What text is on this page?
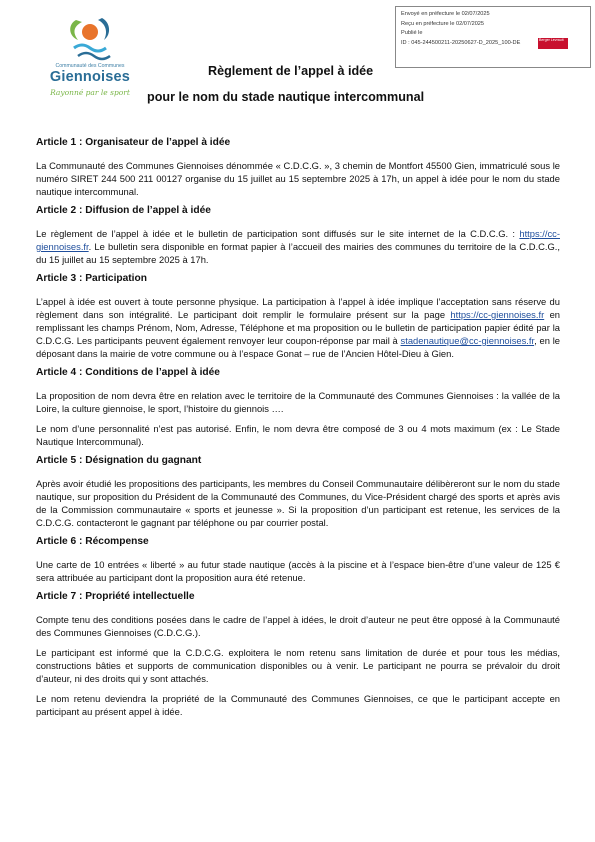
Envoyé en préfecture le 02/07/2025
Reçu en préfecture le 02/07/2025
Publié le
ID : 045-244500211-20250627-D_2025_100-DE	Berger Levrault
Communauté des Communes
Giennoises
Rayonné par le sport
Règlement de l’appel à idée
pour le nom du stade nautique intercommunal
Article 1 : Organisateur de l’appel à idée

La Communauté des Communes Giennoises dénommée « C.D.C.G. », 3 chemin de Montfort 45500 Gien, immatriculé sous le numéro SIRET 244 500 211 00127 organise du 15 juillet au 15 septembre 2025 à 17h, un appel à idée pour le nom du stade nautique intercommunal.

Article 2 : Diffusion de l’appel à idée

Le règlement de l’appel à idée et le bulletin de participation sont diffusés sur le site internet de la C.D.C.G. : https://cc-giennoises.fr. Le bulletin sera disponible en format papier à l’accueil des mairies des communes du territoire de la C.D.C.G., du 15 juillet au 15 septembre 2025 à 17h.

Article 3 : Participation

L’appel à idée est ouvert à toute personne physique. La participation à l’appel à idée implique l’acceptation sans réserve du règlement dans son intégralité. Le participant doit remplir le formulaire présent sur la page https://cc-giennoises.fr en remplissant les champs Prénom, Nom, Adresse, Téléphone et ma proposition ou le bulletin de participation papier édité par la C.D.C.G. Les participants peuvent également renvoyer leur coupon-réponse par mail à stadenautique@cc-giennoises.fr, en le déposant dans la mairie de votre commune ou à l’espace Gonat – rue de l’Ancien Hôtel-Dieu à Gien.

Article 4 : Conditions de l’appel à idée

La proposition de nom devra être en relation avec le territoire de la Communauté des Communes Giennoises : la vallée de la Loire, la culture giennoise, le sport, l’histoire du giennois ….

Le nom d’une personnalité n’est pas autorisé. Enfin, le nom devra être composé de 3 ou 4 mots maximum (ex : Le Stade Nautique Intercommunal).

Article 5 : Désignation du gagnant

Après avoir étudié les propositions des participants, les membres du Conseil Communautaire délibèreront sur le nom du stade nautique, sur proposition du Président de la Communauté des Communes, du Vice-Président chargé des sports et après avis de la Commission communautaire « sports et jeunesse ». Si la proposition d’un participant est retenue, les services de la C.D.C.G. contacteront le gagnant par téléphone ou par courrier postal.

Article 6 : Récompense

Une carte de 10 entrées « liberté » au futur stade nautique (accès à la piscine et à l’espace bien-être d’une valeur de 125 € sera attribuée au participant dont la proposition aura été retenue.

Article 7 : Propriété intellectuelle

Compte tenu des conditions posées dans le cadre de l’appel à idées, le droit d’auteur ne peut être opposé à la Communauté des Communes Giennoises (C.D.C.G.).

Le participant est informé que la C.D.C.G. exploitera le nom retenu sans limitation de durée et pour tous les médias, constructions bâties et supports de communication disponibles ou à venir. Le participant ne pourra se prévaloir du droit d’auteur, ni des droits qui y sont attachés.

Le nom retenu deviendra la propriété de la Communauté des Communes Giennoises, ce que le participant accepte en participant au présent appel à idée.
